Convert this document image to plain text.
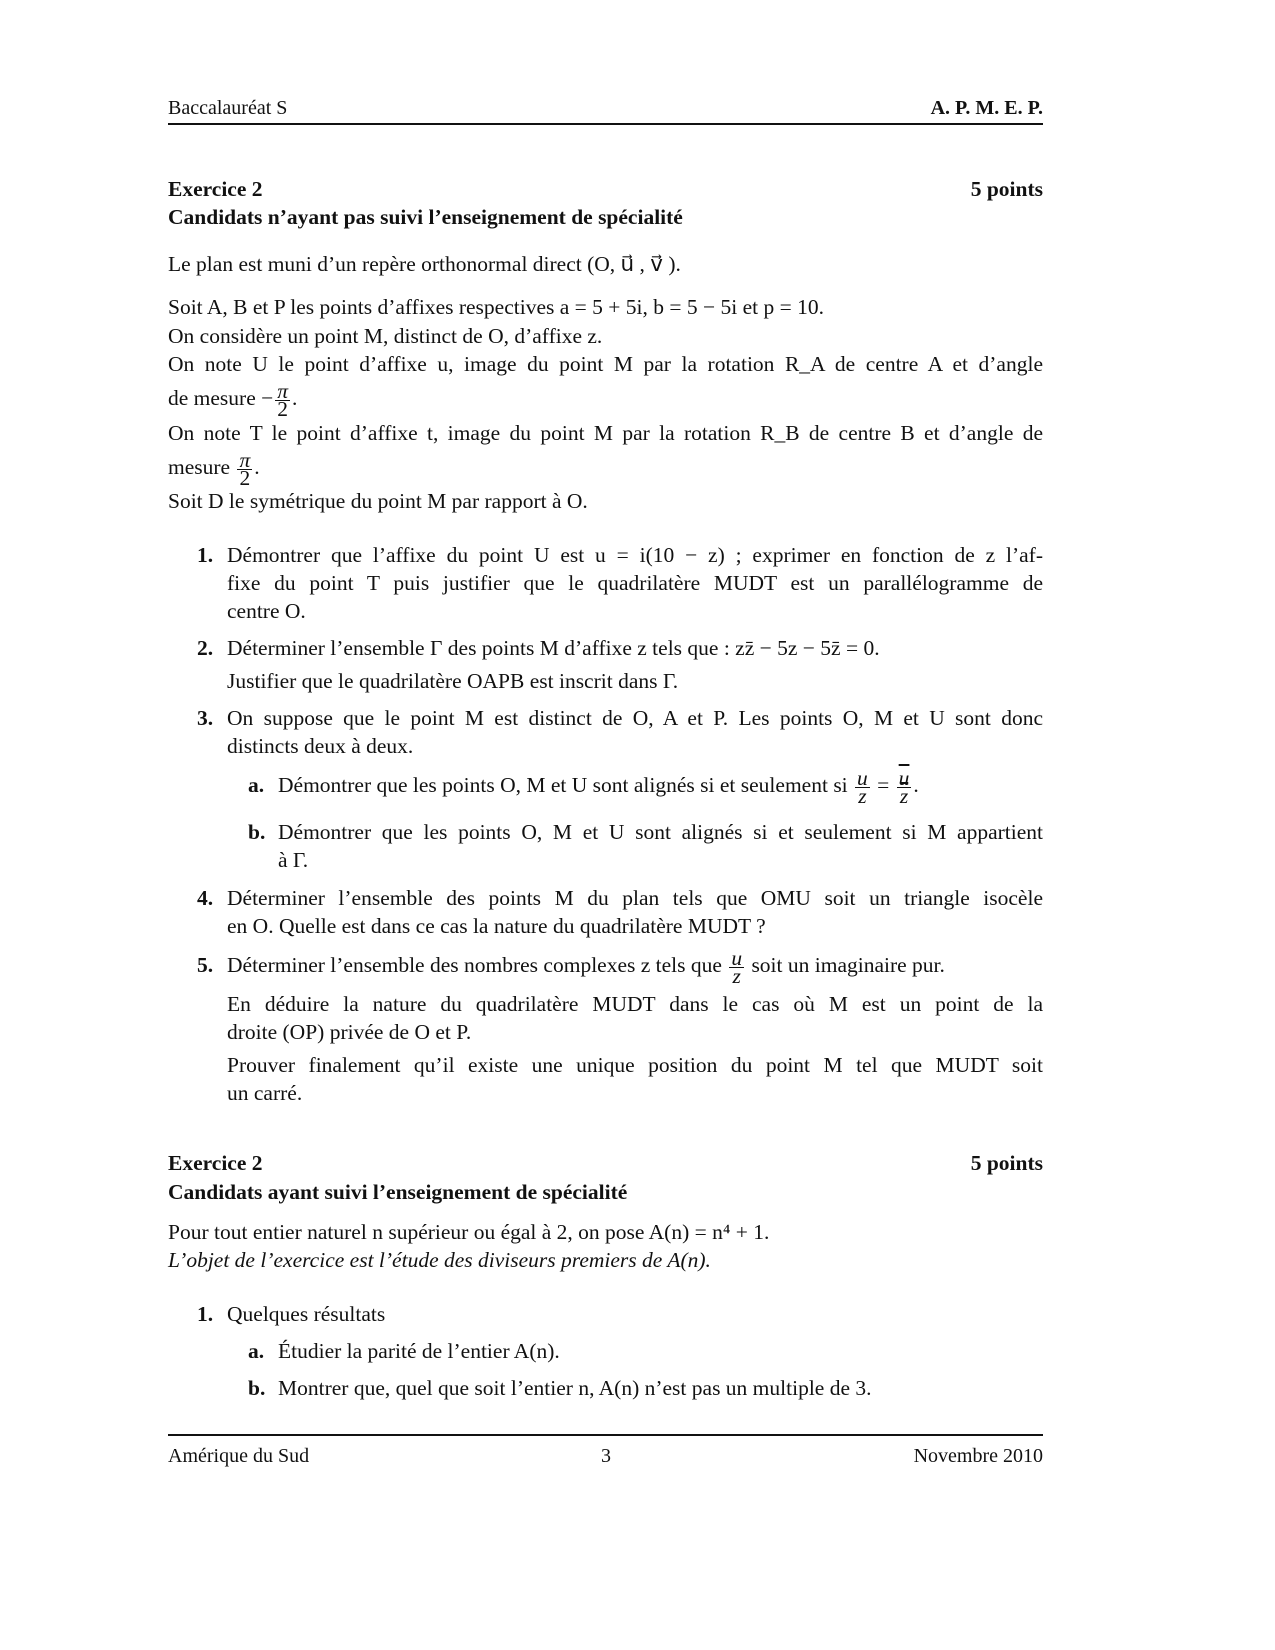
Baccalauréat S	A. P. M. E. P.
Exercice 2	5 points
Candidats n’ayant pas suivi l’enseignement de spécialité
Le plan est muni d’un repère orthonormal direct (O, u⃗ , v⃗ ).
Soit A, B et P les points d’affixes respectives a = 5 + 5i, b = 5 − 5i et p = 10.
On considère un point M, distinct de O, d’affixe z.
On note U le point d’affixe u, image du point M par la rotation R_A de centre A et d’angle
de mesure − $\frac{\pi}{2}$ .
On note T le point d’affixe t, image du point M par la rotation R_B de centre B et d’angle de
mesure $\frac{\pi}{2}$ .
Soit D le symétrique du point M par rapport à O.
1. Démontrer que l’affixe du point U est u = i(10 − z) ; exprimer en fonction de z l’af-
fixe du point T puis justifier que le quadrilatère MUDT est un parallélogramme de
centre O.
2. Déterminer l’ensemble Γ des points M d’affixe z tels que : zz̄ − 5z − 5z̄ = 0.
Justifier que le quadrilatère OAPB est inscrit dans Γ.
3. On suppose que le point M est distinct de O, A et P. Les points O, M et U sont donc
distincts deux à deux.
a. Démontrer que les points O, M et U sont alignés si et seulement si $\frac{u}{z} = \frac{\overline{u}}{z}$ .
b. Démontrer que les points O, M et U sont alignés si et seulement si M appartient
à Γ.
4. Déterminer l’ensemble des points M du plan tels que OMU soit un triangle isocèle
en O. Quelle est dans ce cas la nature du quadrilatère MUDT ?
5. Déterminer l’ensemble des nombres complexes z tels que $\frac{u}{z}$ soit un imaginaire pur.
En déduire la nature du quadrilatère MUDT dans le cas où M est un point de la
droite (OP) privée de O et P.
Prouver finalement qu’il existe une unique position du point M tel que MUDT soit
un carré.
Exercice 2	5 points
Candidats ayant suivi l’enseignement de spécialité
Pour tout entier naturel n supérieur ou égal à 2, on pose A(n) = n⁴ + 1.
L’objet de l’exercice est l’étude des diviseurs premiers de A(n).
1. Quelques résultats
a. Étudier la parité de l’entier A(n).
b. Montrer que, quel que soit l’entier n, A(n) n’est pas un multiple de 3.
Amérique du Sud	3	Novembre 2010
